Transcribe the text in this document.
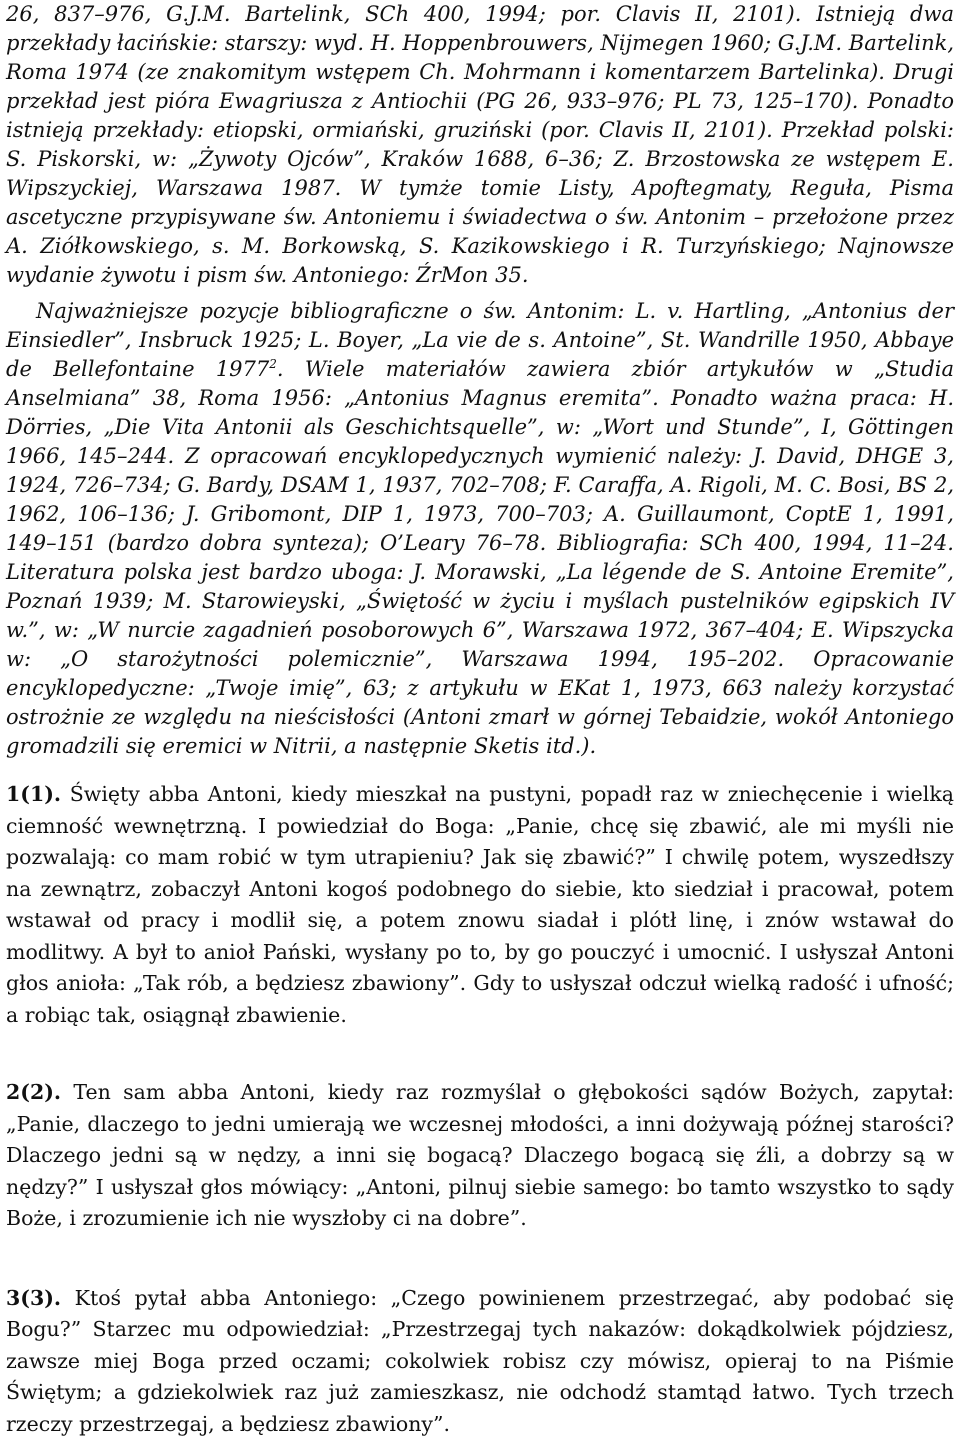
26, 837–976, G.J.M. Bartelink, SCh 400, 1994; por. Clavis II, 2101). Istnieją dwa przekłady łacińskie: starszy: wyd. H. Hoppenbrouwers, Nijmegen 1960; G.J.M. Bartelink, Roma 1974 (ze znakomitym wstępem Ch. Mohrmann i komentarzem Bartelinka). Drugi przekład jest pióra Ewagriusza z Antiochii (PG 26, 933–976; PL 73, 125–170). Ponadto istnieją przekłady: etiopski, ormiański, gruziński (por. Clavis II, 2101). Przekład polski: S. Piskorski, w: „Żywoty Ojców”, Kraków 1688, 6–36; Z. Brzostowska ze wstępem E. Wipszyckiej, Warszawa 1987. W tymże tomie Listy, Apoftegmaty, Reguła, Pisma ascetyczne przypisywane św. Antoniemu i świadectwa o św. Antonim – przełożone przez A. Ziółkowskiego, s. M. Borkowską, S. Kazikowskiego i R. Turzyńskiego; Najnowsze wydanie żywotu i pism św. Antoniego: ŹrMon 35.

Najważniejsze pozycje bibliograficzne o św. Antonim: L. v. Hartling, „Antonius der Einsiedler”, Insbruck 1925; L. Boyer, „La vie de s. Antoine”, St. Wandrille 1950, Abbaye de Bellefontaine 1977$^2$. Wiele materiałów zawiera zbiór artykułów w „Studia Anselmiana” 38, Roma 1956: „Antonius Magnus eremita”. Ponadto ważna praca: H. Dörries, „Die Vita Antonii als Geschichtsquelle”, w: „Wort und Stunde”, I, Göttingen 1966, 145–244. Z opracowań encyklopedycznych wymienić należy: J. David, DHGE 3, 1924, 726–734; G. Bardy, DSAM 1, 1937, 702–708; F. Caraffa, A. Rigoli, M. C. Bosi, BS 2, 1962, 106–136; J. Gribomont, DIP 1, 1973, 700–703; A. Guillaumont, CoptE 1, 1991, 149–151 (bardzo dobra synteza); O’Leary 76–78. Bibliografia: SCh 400, 1994, 11–24. Literatura polska jest bardzo uboga: J. Morawski, „La légende de S. Antoine Eremite”, Poznań 1939; M. Starowieyski, „Świętość w życiu i myślach pustelników egipskich IV w.”, w: „W nurcie zagadnień posoborowych 6”, Warszawa 1972, 367–404; E. Wipszycka w: „O starożytności polemicznie”, Warszawa 1994, 195–202. Opracowanie encyklopedyczne: „Twoje imię”, 63; z artykułu w EKat 1, 1973, 663 należy korzystać ostrożnie ze względu na nieścisłości (Antoni zmarł w górnej Tebaidzie, wokół Antoniego gromadzili się eremici w Nitrii, a następnie Sketis itd.).

1(1). Święty abba Antoni, kiedy mieszkał na pustyni, popadł raz w zniechęcenie i wielką ciemność wewnętrzną. I powiedział do Boga: „Panie, chcę się zbawić, ale mi myśli nie pozwalają: co mam robić w tym utrapieniu? Jak się zbawić?” I chwilę potem, wyszedłszy na zewnątrz, zobaczył Antoni kogoś podobnego do siebie, kto siedział i pracował, potem wstawał od pracy i modlił się, a potem znowu siadał i plótł linę, i znów wstawał do modlitwy. A był to anioł Pański, wysłany po to, by go pouczyć i umocnić. I usłyszał Antoni głos anioła: „Tak rób, a będziesz zbawiony”. Gdy to usłyszał odczuł wielką radość i ufność; a robiąc tak, osiągnął zbawienie.

2(2). Ten sam abba Antoni, kiedy raz rozmyślał o głębokości sądów Bożych, zapytał: „Panie, dlaczego to jedni umierają we wczesnej młodości, a inni dożywają późnej starości? Dlaczego jedni są w nędzy, a inni się bogacą? Dlaczego bogacą się źli, a dobrzy są w nędzy?” I usłyszał głos mówiący: „Antoni, pilnuj siebie samego: bo tamto wszystko to sądy Boże, i zrozumienie ich nie wyszłoby ci na dobre”.

3(3). Ktoś pytał abba Antoniego: „Czego powinienem przestrzegać, aby podobać się Bogu?” Starzec mu odpowiedział: „Przestrzegaj tych nakazów: dokądkolwiek pójdziesz, zawsze miej Boga przed oczami; cokolwiek robisz czy mówisz, opieraj to na Piśmie Świętym; a gdziekolwiek raz już zamieszkasz, nie odchodź stamtąd łatwo. Tych trzech rzeczy przestrzegaj, a będziesz zbawiony”.
